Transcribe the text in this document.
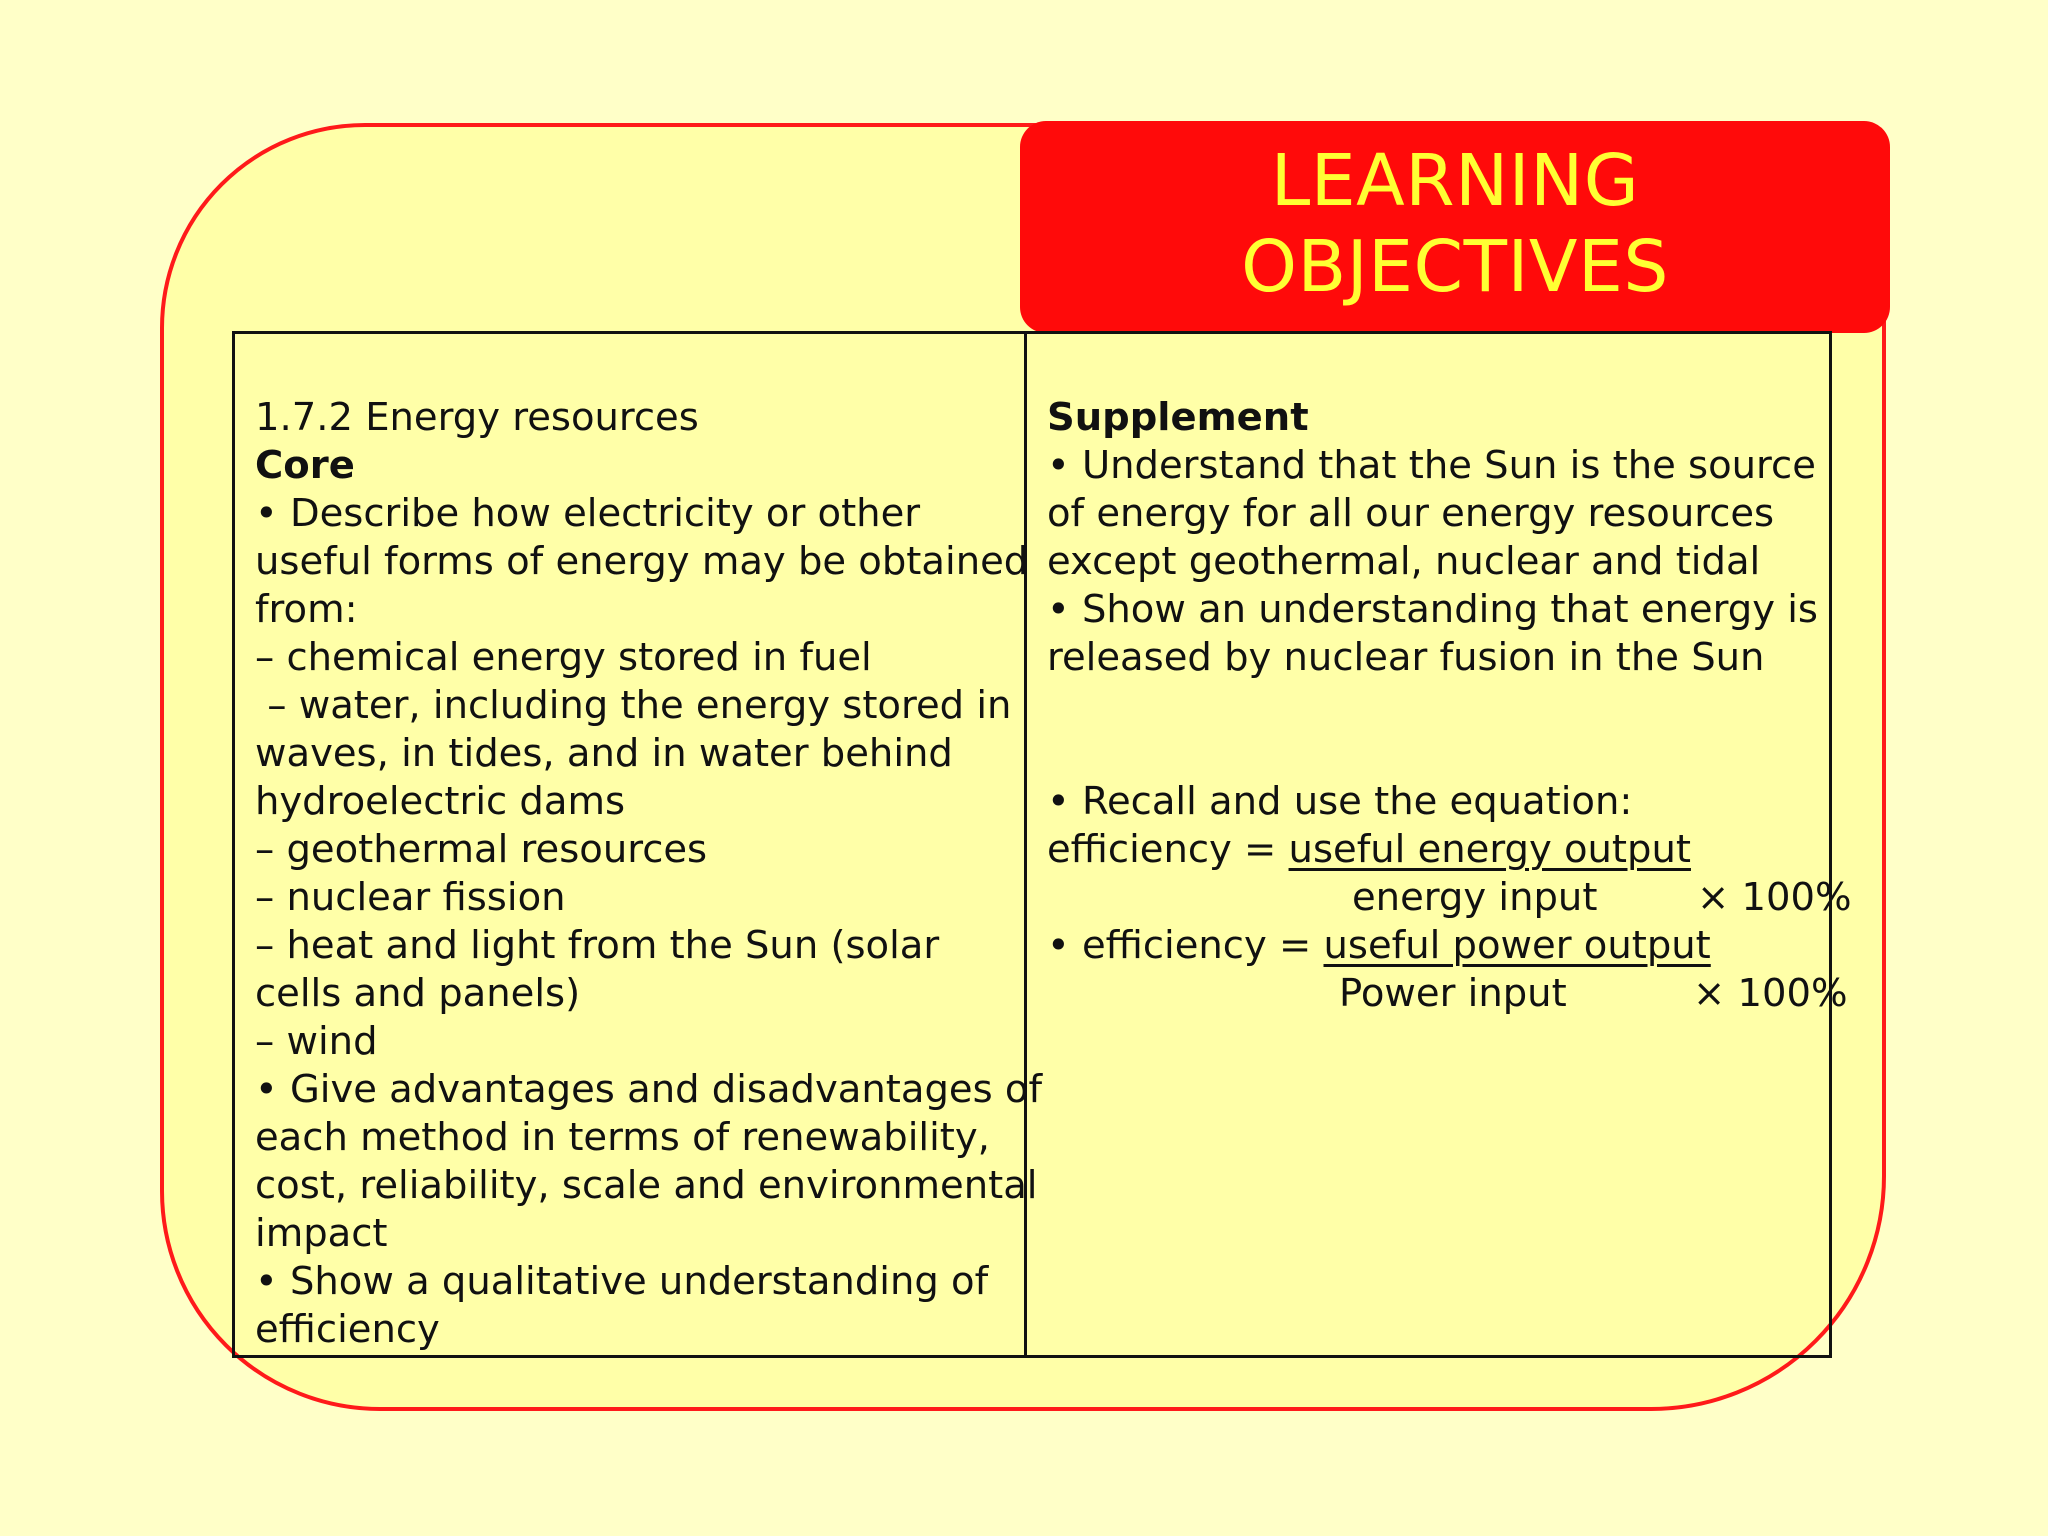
LEARNING
OBJECTIVES
1.7.2 Energy resources
Core
• Describe how electricity or other
useful forms of energy may be obtained
from:
– chemical energy stored in fuel
– water, including the energy stored in
waves, in tides, and in water behind
hydroelectric dams
– geothermal resources
– nuclear fission
– heat and light from the Sun (solar
cells and panels)
– wind
• Give advantages and disadvantages of
each method in terms of renewability,
cost, reliability, scale and environmental
impact
• Show a qualitative understanding of
efficiency
Supplement
• Understand that the Sun is the source
of energy for all our energy resources
except geothermal, nuclear and tidal
• Show an understanding that energy is
released by nuclear fusion in the Sun
• Recall and use the equation:
efficiency = useful energy output
energy input	× 100%
• efficiency = useful power output
Power input	× 100%
